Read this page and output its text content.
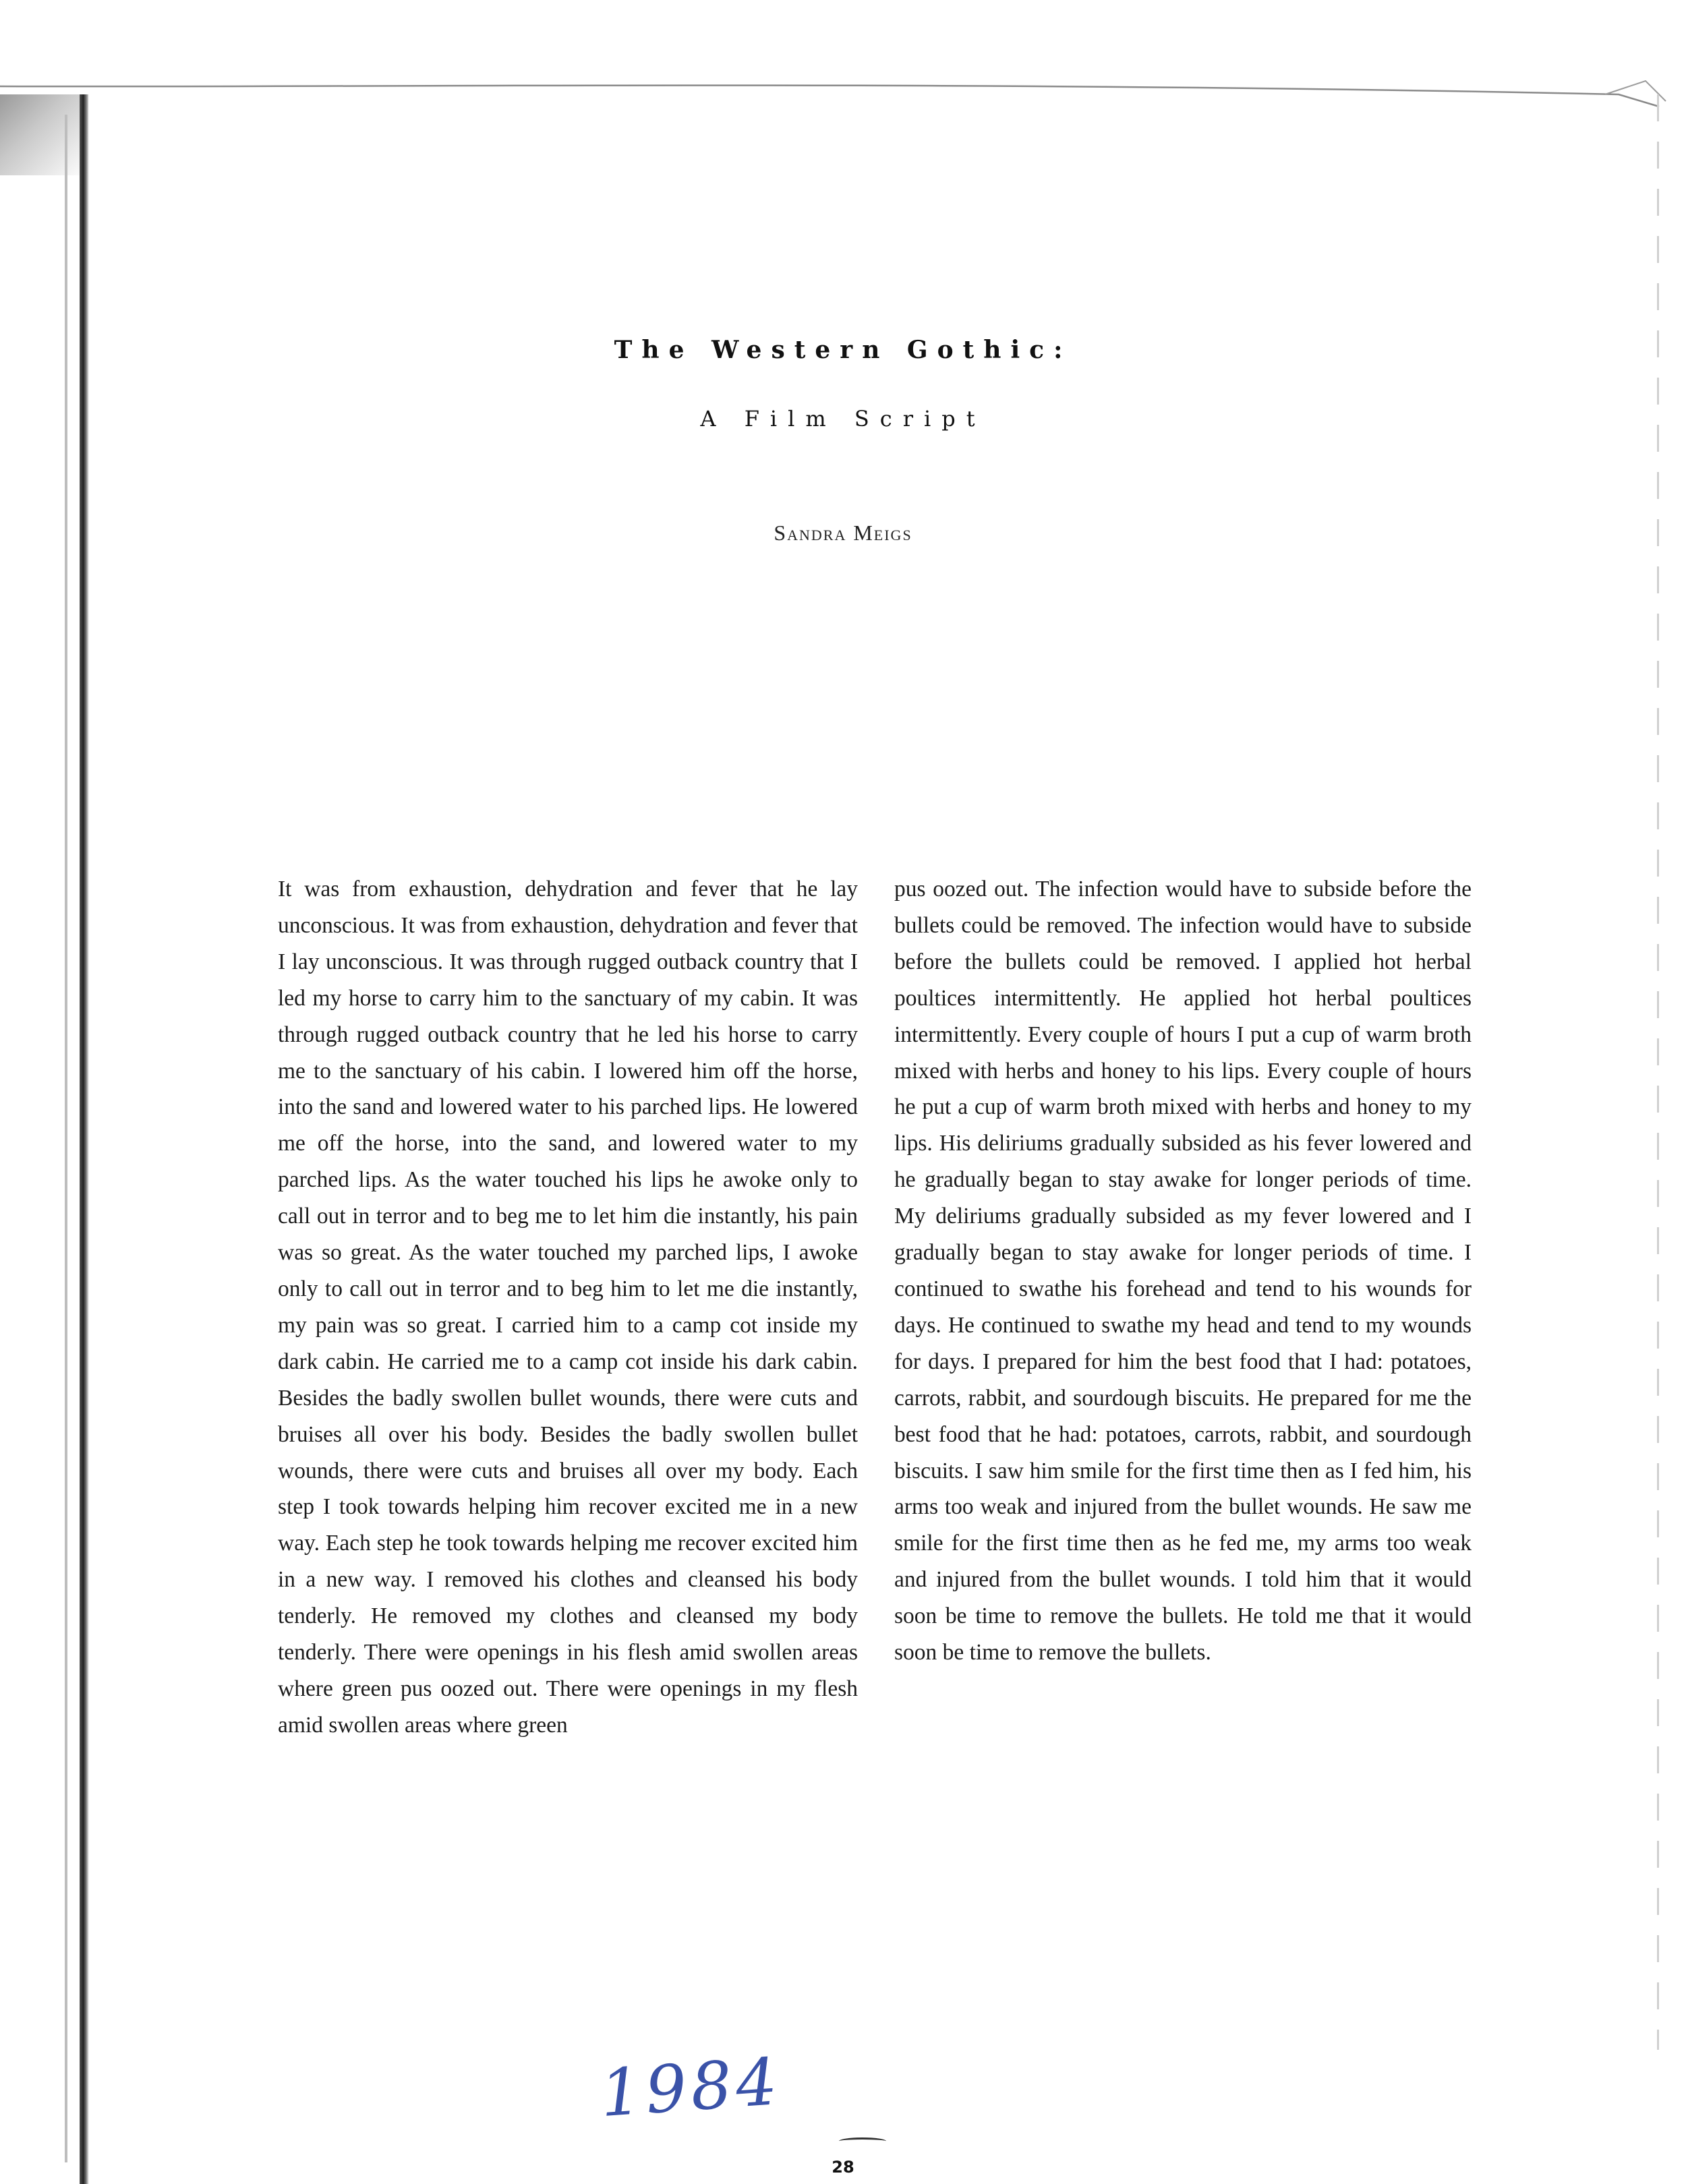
The Western Gothic:
A Film Script
Sandra Meigs
It was from exhaustion, dehydration and fever that he lay unconscious. It was from exhaustion, dehydration and fever that I lay unconscious. It was through rugged outback country that I led my horse to carry him to the sanctuary of my cabin. It was through rugged outback country that he led his horse to carry me to the sanctuary of his cabin. I lowered him off the horse, into the sand and lowered water to his parched lips. He lowered me off the horse, into the sand, and lowered water to my parched lips. As the water touched his lips he awoke only to call out in terror and to beg me to let him die instantly, his pain was so great. As the water touched my parched lips, I awoke only to call out in terror and to beg him to let me die instantly, my pain was so great. I carried him to a camp cot inside my dark cabin. He carried me to a camp cot inside his dark cabin. Besides the badly swollen bullet wounds, there were cuts and bruises all over his body. Besides the badly swollen bullet wounds, there were cuts and bruises all over my body. Each step I took towards helping him recover excited me in a new way. Each step he took towards helping me recover excited him in a new way. I removed his clothes and cleansed his body tenderly. He removed my clothes and cleansed my body tenderly. There were openings in his flesh amid swollen areas where green pus oozed out. There were openings in my flesh amid swollen areas where green
pus oozed out. The infection would have to subside before the bullets could be removed. The infection would have to subside before the bullets could be removed. I applied hot herbal poultices intermittently. He applied hot herbal poultices intermittently. Every couple of hours I put a cup of warm broth mixed with herbs and honey to his lips. Every couple of hours he put a cup of warm broth mixed with herbs and honey to my lips. His deliriums gradually subsided as his fever lowered and he gradually began to stay awake for longer periods of time. My deliriums gradually subsided as my fever lowered and I gradually began to stay awake for longer periods of time. I continued to swathe his forehead and tend to his wounds for days. He continued to swathe my head and tend to my wounds for days. I prepared for him the best food that I had: potatoes, carrots, rabbit, and sourdough biscuits. He prepared for me the best food that he had: potatoes, carrots, rabbit, and sourdough biscuits. I saw him smile for the first time then as I fed him, his arms too weak and injured from the bullet wounds. He saw me smile for the first time then as he fed me, my arms too weak and injured from the bullet wounds. I told him that it would soon be time to remove the bullets. He told me that it would soon be time to remove the bullets.
1984
28
